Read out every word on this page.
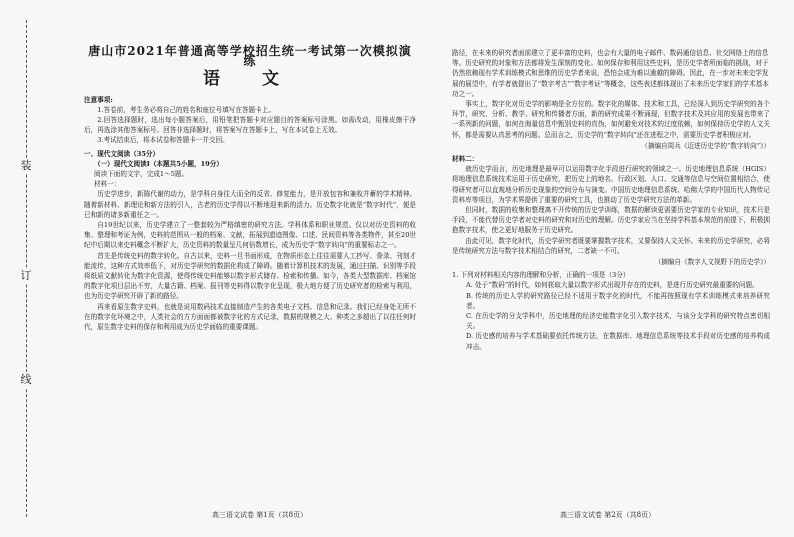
装
订
线
唐山市2021年普通高等学校招生统一考试第一次模拟演练
语 文
注意事项:

1.答卷前，考生务必将自己的姓名和座位号填写在答题卡上。

2.回答选择题时，选出每小题答案后，用铅笔把答题卡对应题目的答案标号涂黑。如需改动，用橡皮擦干净后，再选涂其他答案标号。回答非选择题时，将答案写在答题卡上，写在本试卷上无效。

3.考试结束后，将本试卷和答题卡一并交回。

一、现代文阅读（35分）
（一）现代文阅读Ⅰ（本题共5小题，19分）
阅读下面的文字，完成1～5题。
材料一：

历史学进步，新陈代谢的动力，是学科自身往大而全的反省、修复能力，是开放包容和兼收并蓄的学术精神。随着新材料、新理论和新方法的引入，古老的历史学得以不断地迎来新的活力。历史数字化就是“数字时代”，便是已和新的诸多新重任之一。

自19世纪以来，历史学建立了一整套较为严格缜密的研究方法。学科体系和职业规范。仅以对历史资料的收集、整理和考证为例，史料的范围从一般的档案、文献，拓展到遗迹图像、口述、民间资料等各类物件，甚至20世纪中后期以来史料概念不断扩大，历史资料的数量呈几何倍数增长，成为历史学“数字转向”的重要标志之一。

首先是传统史料的数字转化。自古以来，史料一旦书面形成，在物质形态上往往需要人工抄写、誊录、刊刻才能流传，这种方式效率低下，对历史学研究的数据化构成了障碍。随着计算机技术的发展，通过扫描、识别等手段将纸质文献转化为数字化资源，使得传统史料能够以数字形式储存、检索和传播。如今，各类大型数据库、档案馆的数字化项目层出不穷，大量古籍、档案、报刊等史料得以数字化呈现，极大地方便了历史研究者的检索与利用，也为历史学研究开辟了新的路径。

再来看原生数字史料，也就是说用数码技术直接制造产生的各类电子文档、信息和记录。我们已经身处无所不在的数字化环境之中，人类社会的方方面面都被数字化的方式记录，数据的规模之大、种类之多超出了以往任何时代，原生数字史料的保存和利用成为历史学面临的重要课题。

路径，在未来的研究者面前建立了更丰富的史料，也会有大量的电子邮件、数码通信信息、社交网络上的信息等。历史研究的对象和方法都将发生深刻的变化。如何保存和利用这些史料，是历史学者所面临的挑战，对于仍然依赖现有学术训练模式和思维的历史学者来说，恐怕会成为难以逾越的障碍。因此，在一步对未来史学发展的展望中，有学者就提出了“数字考古”“数字考证”等概念，这些表述都体现出了未来历史学家们的学术基本功之一。

事实上，数字化对历史学的影响是全方位的。数字化的媒体、技术和工具，已经深入到历史学研究的各个环节，研究、分析、教学、研究和传播者方面，新的研究成果不断涌现，但数字技术及其应用的发展也带来了一系列新的问题，如何在海量信息中甄别史料的真伪，如何避免对技术的过度依赖，如何保持历史学的人文关怀，都是需要认真思考的问题。总而言之，历史学的“数字转向”还在进程之中，需要历史学者积极应对。

（摘编自周兵《迈进历史学的“数字转向”》）
材料二：

就历史学而言，历史地理是最早可以运用数字化手段进行研究的领域之一。历史地理信息系统（HGIS）将地理信息系统技术运用于历史研究，把历史上的地名、行政区划、人口、交通等信息与空间位置相结合，使得研究者可以直观地分析历史现象的空间分布与演变。中国历史地理信息系统、哈佛大学的中国历代人物传记资料库等项目，为学术界提供了重要的研究工具，也推动了历史学研究方法的革新。

但同时，数据的收集和整理离不开传统的历史学训练，数据的解读更需要历史学家的专业知识，技术只是手段，不能代替历史学者对史料的研究和对历史的理解。历史学家应当在坚持学科基本规范的前提下，积极拥抱数字技术，使之更好地服务于历史研究。

由此可见，数字化时代，历史学研究者既要掌握数字技术，又要保持人文关怀。未来的历史学研究，必将是传统研究方法与数字技术相结合的研究，二者缺一不可。

（摘编自《数字人文视野下的历史学》）
1. 下列对材料相关内容的理解和分析，正确的一项是（3分）

A. 处于“数码”的时代，如何获取大量以数字形式出现并存在的史料，是进行历史研究最重要的问题。

B. 传统的历史人学的研究路径已经不适用于数字化的时代，不能再按照现有学术训练模式来培养研究者。

C. 在历史学的分支学科中，历史地理的经济史能数字化引入数字技术，与该分支学科的研究特点密切相关。

D. 历史感的培养与学术基础要依托传统方法，在数据库、地理信息系统等技术手段对历史感的培养构成冲击。

高三语文试卷 第1页（共8页）	高三语文试卷 第2页（共8页）
